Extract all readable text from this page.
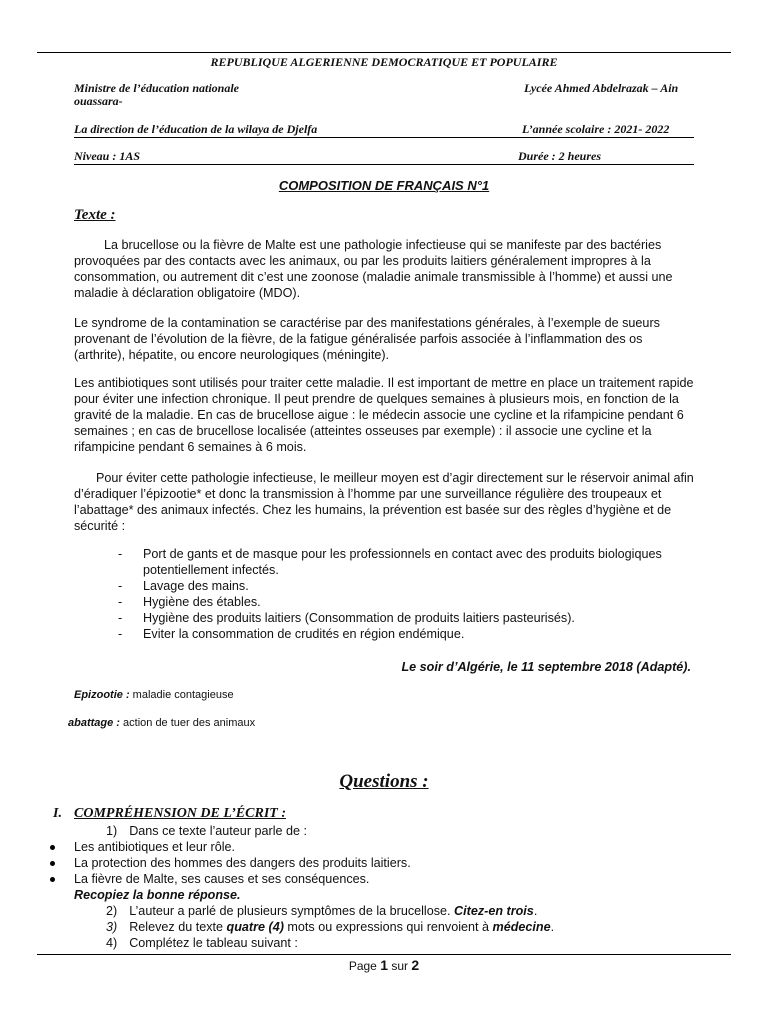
REPUBLIQUE ALGERIENNE DEMOCRATIQUE ET POPULAIRE
Ministre de l’éducation nationale	Lycée Ahmed Abdelrazak – Ain
ouassara-
La direction de l’éducation de la wilaya de Djelfa	L’année scolaire : 2021- 2022
Niveau : 1AS	Durée : 2 heures
COMPOSITION DE FRANÇAIS N°1
Texte :

La brucellose ou la fièvre de Malte est une pathologie infectieuse qui se manifeste par des bactéries provoquées par des contacts avec les animaux, ou par les produits laitiers généralement impropres à la consommation, ou autrement dit c’est une zoonose (maladie animale transmissible à l’homme) et aussi une maladie à déclaration obligatoire (MDO).

Le syndrome de la contamination se caractérise par des manifestations générales, à l’exemple de sueurs provenant de l’évolution de la fièvre, de la fatigue généralisée parfois associée à l’inflammation des os (arthrite), hépatite, ou encore neurologiques (méningite).

Les antibiotiques sont utilisés pour traiter cette maladie. Il est important de mettre en place un traitement rapide pour éviter une infection chronique. Il peut prendre de quelques semaines à plusieurs mois, en fonction de la gravité de la maladie. En cas de brucellose aigue : le médecin associe une cycline et la rifampicine pendant 6 semaines ; en cas de brucellose localisée (atteintes osseuses par exemple) : il associe une cycline et la rifampicine pendant 6 semaines à 6 mois.

Pour éviter cette pathologie infectieuse, le meilleur moyen est d’agir directement sur le réservoir animal afin d’éradiquer l’épizootie* et donc la transmission à l’homme par une surveillance régulière des troupeaux et l’abattage* des animaux infectés. Chez les humains, la prévention est basée sur des règles d’hygiène et de sécurité :

- Port de gants et de masque pour les professionnels en contact avec des produits biologiques potentiellement infectés.
- Lavage des mains.
- Hygiène des étables.
- Hygiène des produits laitiers (Consommation de produits laitiers pasteurisés).
- Eviter la consommation de crudités en région endémique.
Le soir d’Algérie, le 11 septembre 2018 (Adapté).
Epizootie : maladie contagieuse
abattage : action de tuer des animaux
Questions :
I. COMPRÉHENSION DE L’ÉCRIT :
1) Dans ce texte l’auteur parle de :
Les antibiotiques et leur rôle.
La protection des hommes des dangers des produits laitiers.
La fièvre de Malte, ses causes et ses conséquences.
Recopiez la bonne réponse.
2) L’auteur a parlé de plusieurs symptômes de la brucellose. Citez-en trois.
3) Relevez du texte quatre (4) mots ou expressions qui renvoient à médecine.
4) Complétez le tableau suivant :
Page 1 sur 2
